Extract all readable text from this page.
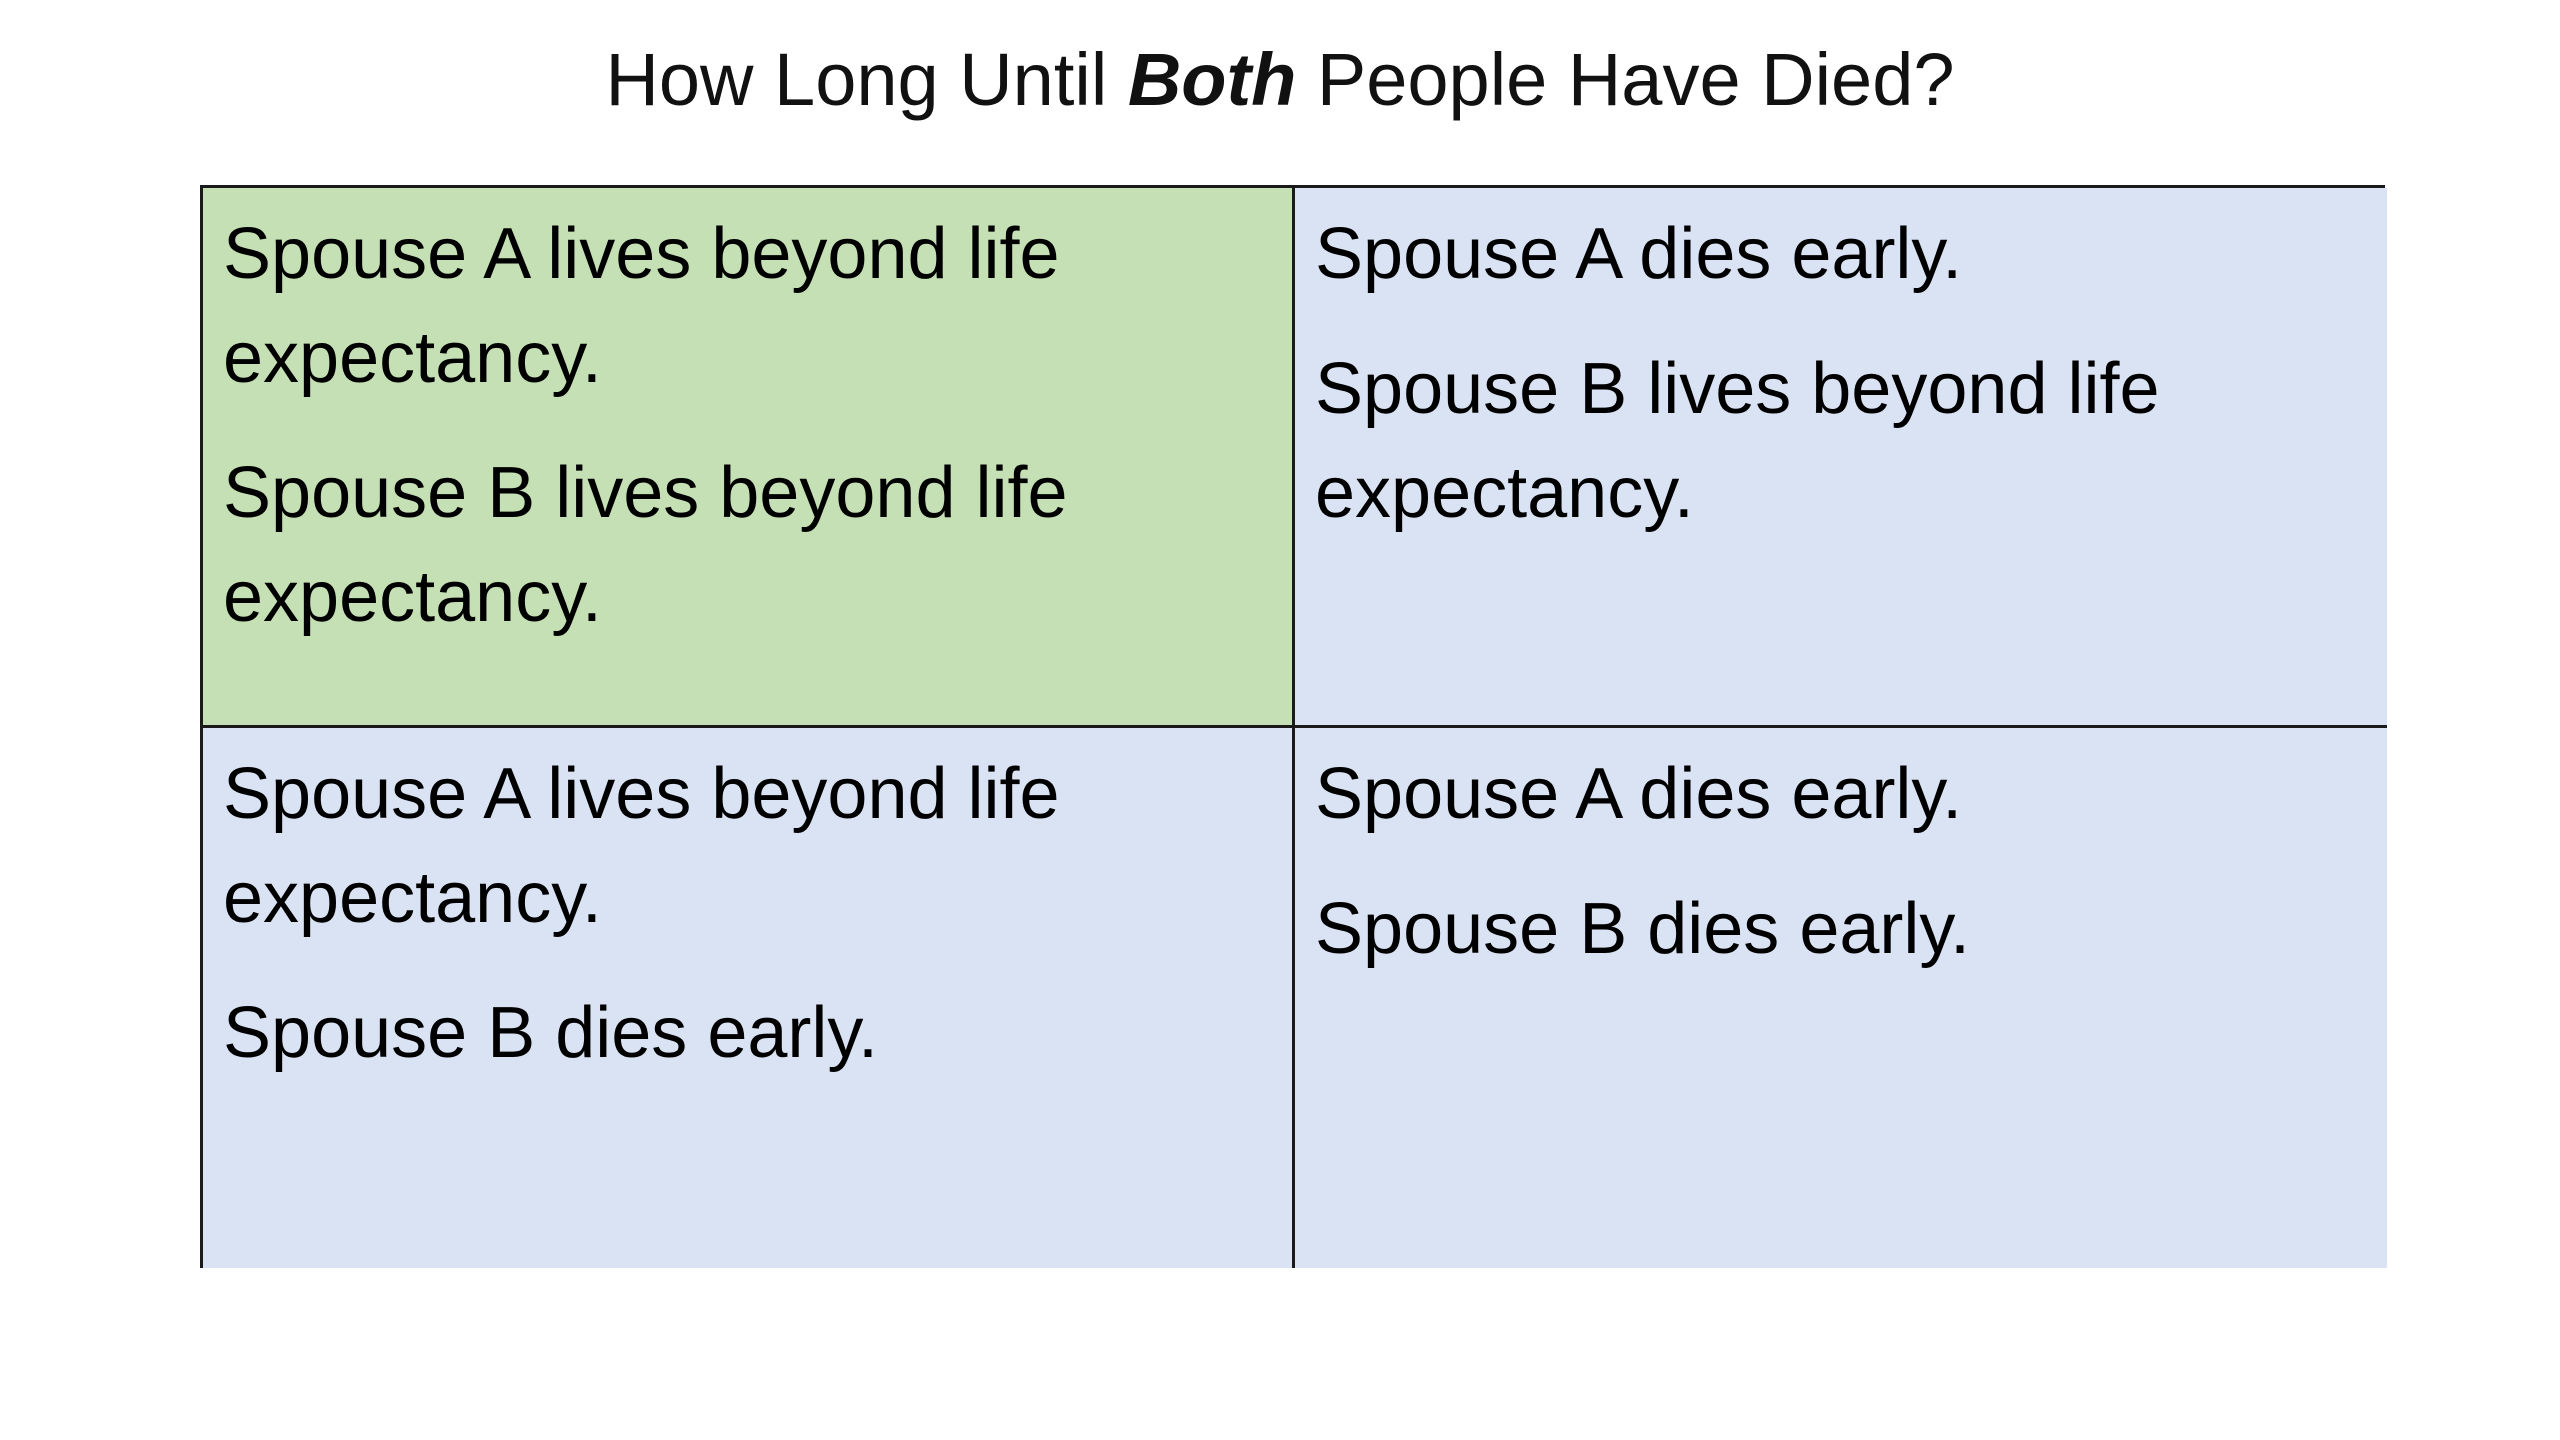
How Long Until Both People Have Died?

Spouse A lives beyond life expectancy.

Spouse B lives beyond life expectancy.

Spouse A dies early.

Spouse B lives beyond life expectancy.

Spouse A lives beyond life expectancy.

Spouse B dies early.

Spouse A dies early.

Spouse B dies early.
